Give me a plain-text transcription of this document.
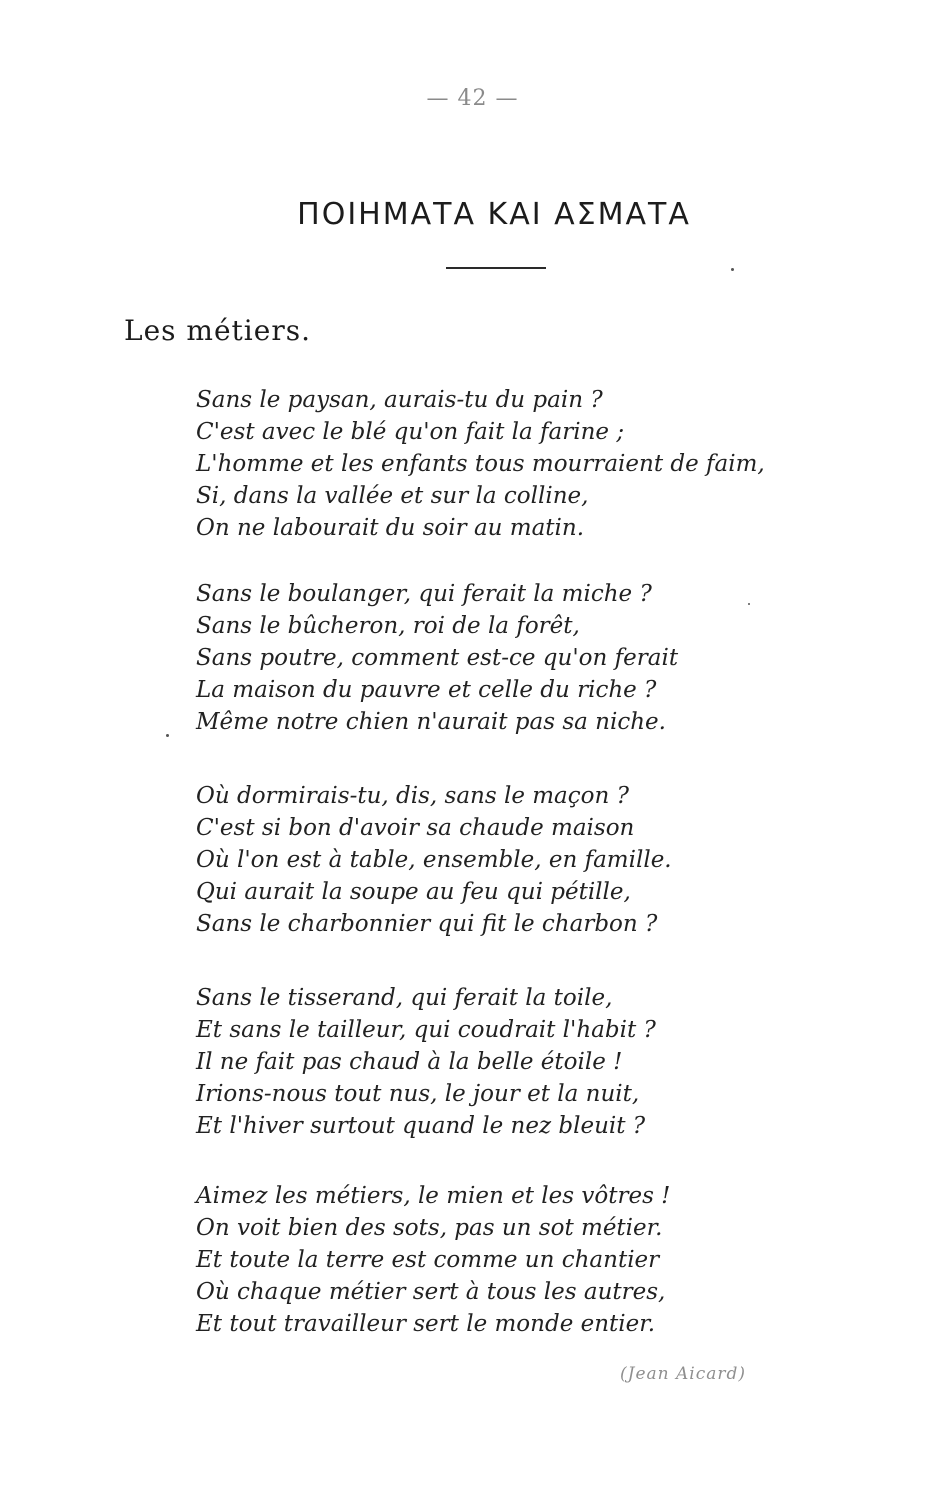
— 42 —
ΠΟΙΗΜΑΤΑ ΚΑΙ ΑΣΜΑΤΑ
Les métiers.
Sans le paysan, aurais-tu du pain ?
C'est avec le blé qu'on fait la farine ;
L'homme et les enfants tous mourraient de faim,
Si, dans la vallée et sur la colline,
On ne labourait du soir au matin.
Sans le boulanger, qui ferait la miche ?
Sans le bûcheron, roi de la forêt,
Sans poutre, comment est-ce qu'on ferait
La maison du pauvre et celle du riche ?
Même notre chien n'aurait pas sa niche.
Où dormirais-tu, dis, sans le maçon ?
C'est si bon d'avoir sa chaude maison
Où l'on est à table, ensemble, en famille.
Qui aurait la soupe au feu qui pétille,
Sans le charbonnier qui fit le charbon ?
Sans le tisserand, qui ferait la toile,
Et sans le tailleur, qui coudrait l'habit ?
Il ne fait pas chaud à la belle étoile !
Irions-nous tout nus, le jour et la nuit,
Et l'hiver surtout quand le nez bleuit ?
Aimez les métiers, le mien et les vôtres !
On voit bien des sots, pas un sot métier.
Et toute la terre est comme un chantier
Où chaque métier sert à tous les autres,
Et tout travailleur sert le monde entier.
(Jean Aicard)
